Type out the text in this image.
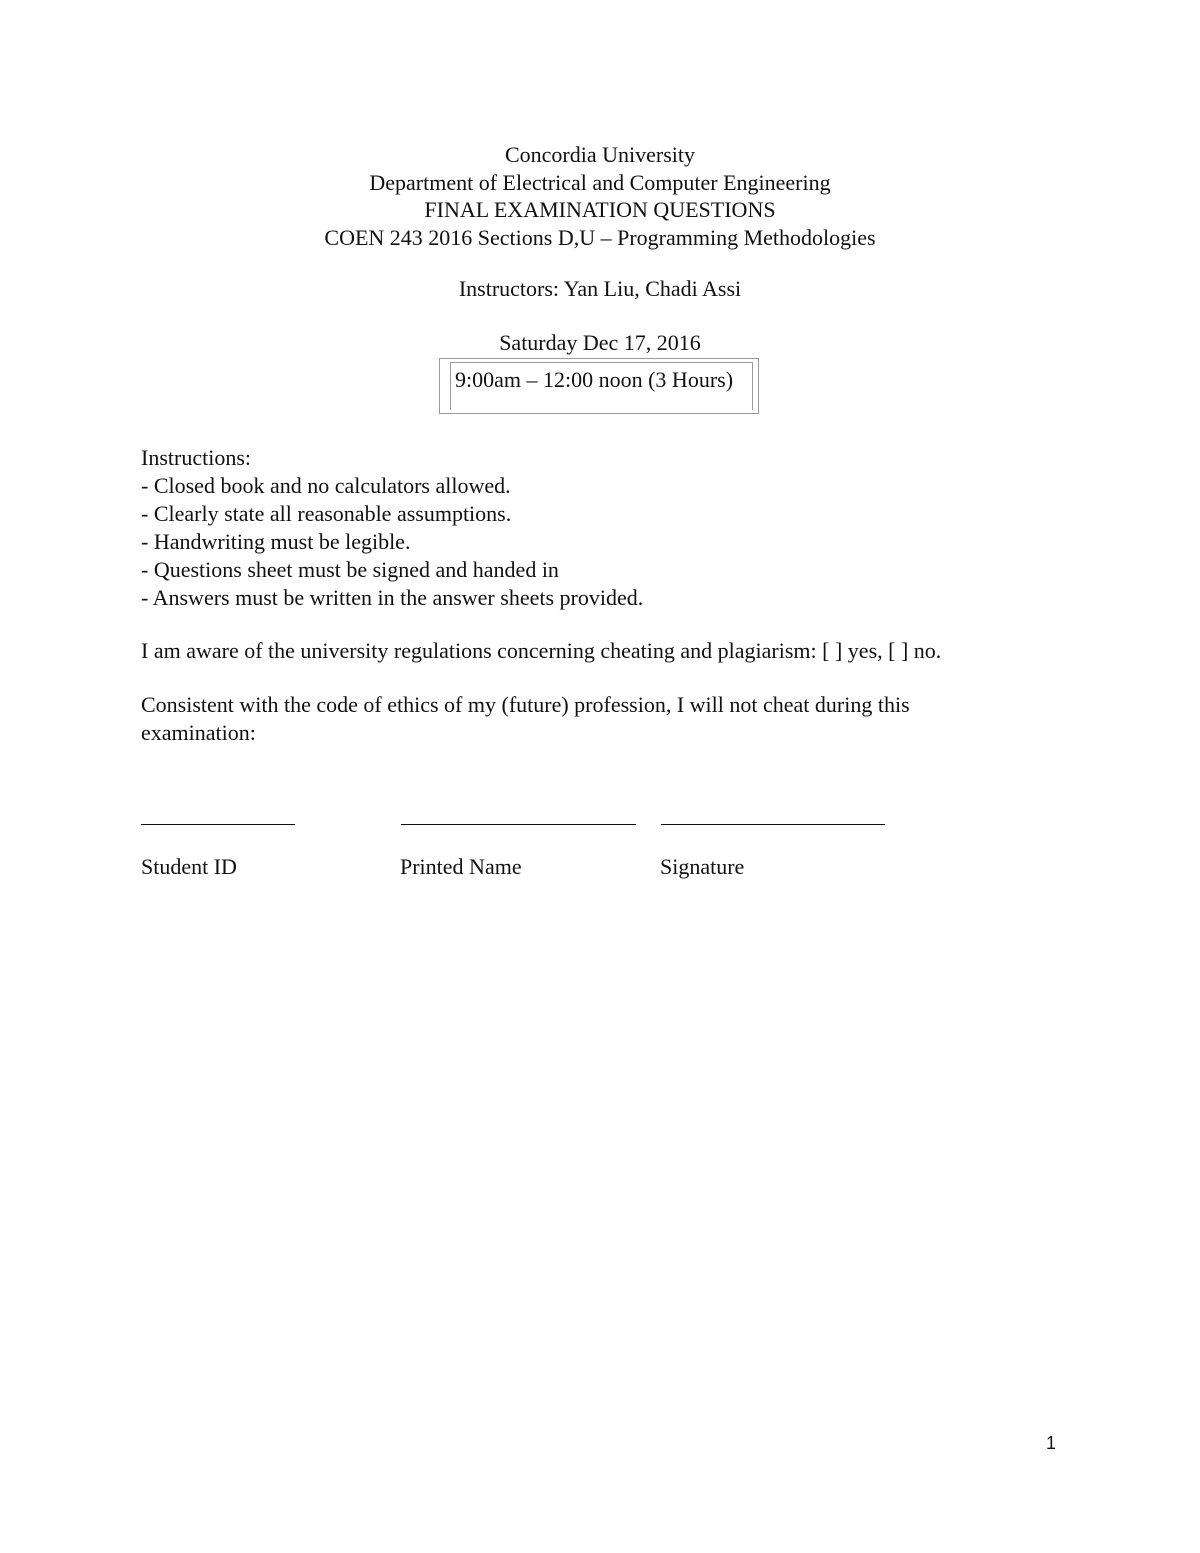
Concordia University
Department of Electrical and Computer Engineering
FINAL EXAMINATION QUESTIONS
COEN 243 2016 Sections D,U – Programming Methodologies
Instructors: Yan Liu, Chadi Assi
Saturday Dec 17, 2016
9:00am – 12:00 noon (3 Hours)
Instructions:
- Closed book and no calculators allowed.
- Clearly state all reasonable assumptions.
- Handwriting must be legible.
- Questions sheet must be signed and handed in
- Answers must be written in the answer sheets provided.
I am aware of the university regulations concerning cheating and plagiarism: [ ] yes, [ ] no.
Consistent with the code of ethics of my (future) profession, I will not cheat during this examination:
Student ID	Printed Name	Signature
1
